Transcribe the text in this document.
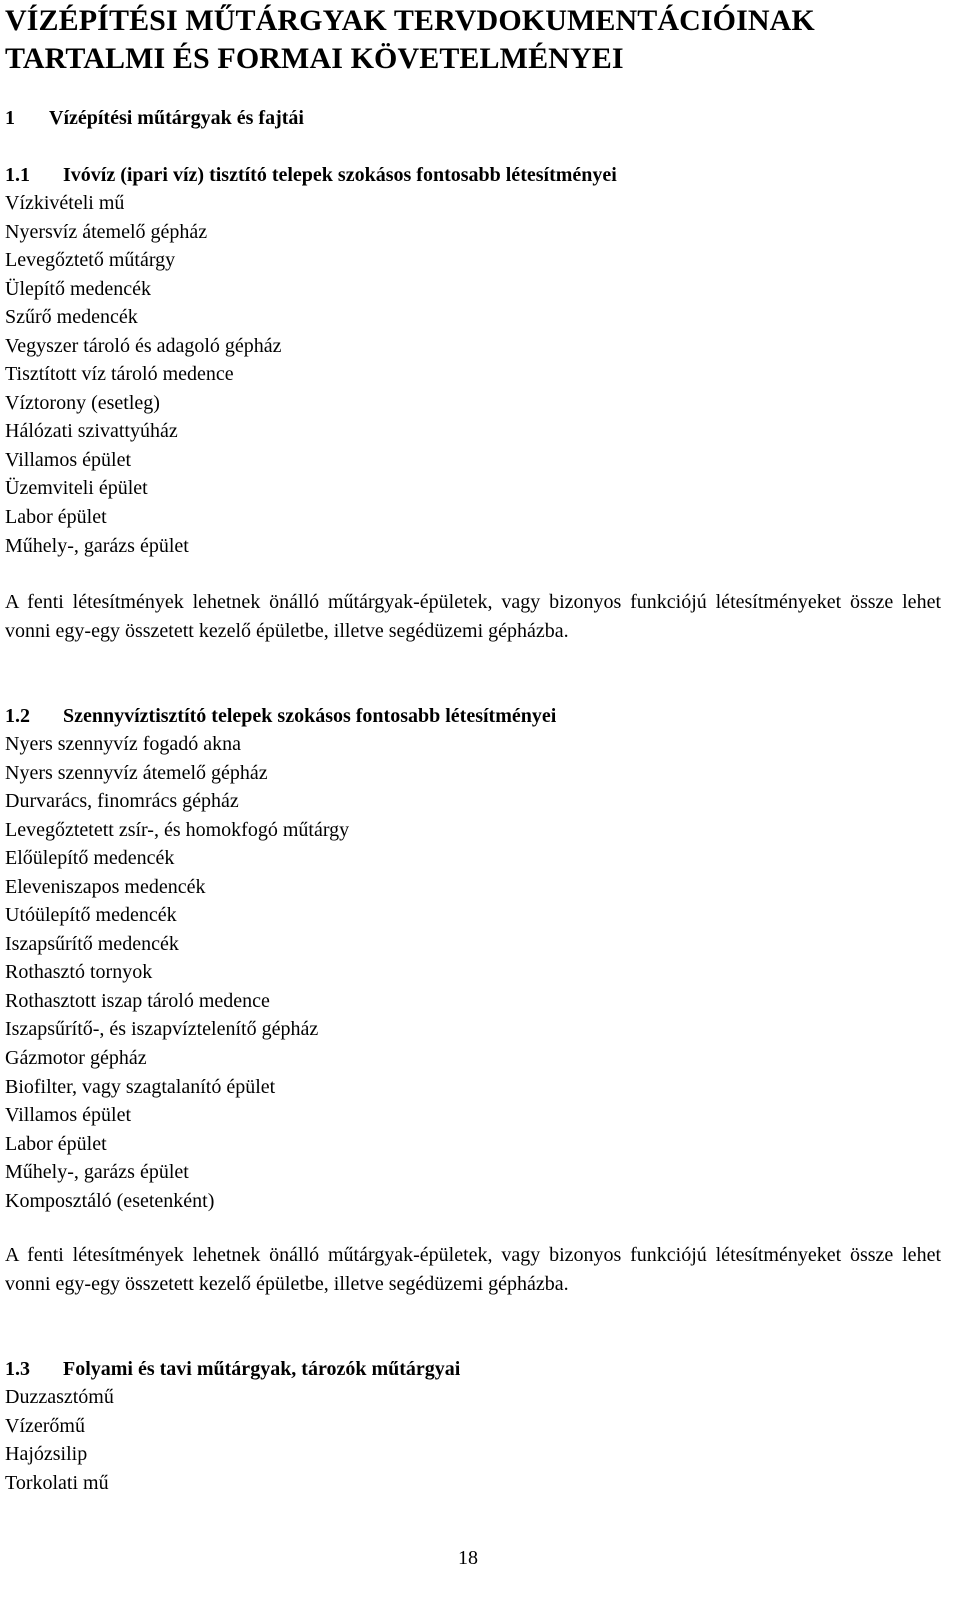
VÍZÉPÍTÉSI MŰTÁRGYAK TERVDOKUMENTÁCIÓINAK
TARTALMI ÉS FORMAI KÖVETELMÉNYEI
1 Vízépítési műtárgyak és fajtái
1.1 Ivóvíz (ipari víz) tisztító telepek szokásos fontosabb létesítményei
Vízkivételi mű
Nyersvíz átemelő gépház
Levegőztető műtárgy
Ülepítő medencék
Szűrő medencék
Vegyszer tároló és adagoló gépház
Tisztított víz tároló medence
Víztorony (esetleg)
Hálózati szivattyúház
Villamos épület
Üzemviteli épület
Labor épület
Műhely-, garázs épület

A fenti létesítmények lehetnek önálló műtárgyak-épületek, vagy bizonyos funkciójú létesítményeket össze lehet vonni egy-egy összetett kezelő épületbe, illetve segédüzemi gépházba.

1.2 Szennyvíztisztító telepek szokásos fontosabb létesítményei
Nyers szennyvíz fogadó akna
Nyers szennyvíz átemelő gépház
Durvarács, finomrács gépház
Levegőztetett zsír-, és homokfogó műtárgy
Előülepítő medencék
Eleveniszapos medencék
Utóülepítő medencék
Iszapsűrítő medencék
Rothasztó tornyok
Rothasztott iszap tároló medence
Iszapsűrítő-, és iszapvíztelenítő gépház
Gázmotor gépház
Biofilter, vagy szagtalanító épület
Villamos épület
Labor épület
Műhely-, garázs épület
Komposztáló (esetenként)

A fenti létesítmények lehetnek önálló műtárgyak-épületek, vagy bizonyos funkciójú létesítményeket össze lehet vonni egy-egy összetett kezelő épületbe, illetve segédüzemi gépházba.

1.3 Folyami és tavi műtárgyak, tározók műtárgyai
Duzzasztómű
Vízerőmű
Hajózsilip
Torkolati mű
18
